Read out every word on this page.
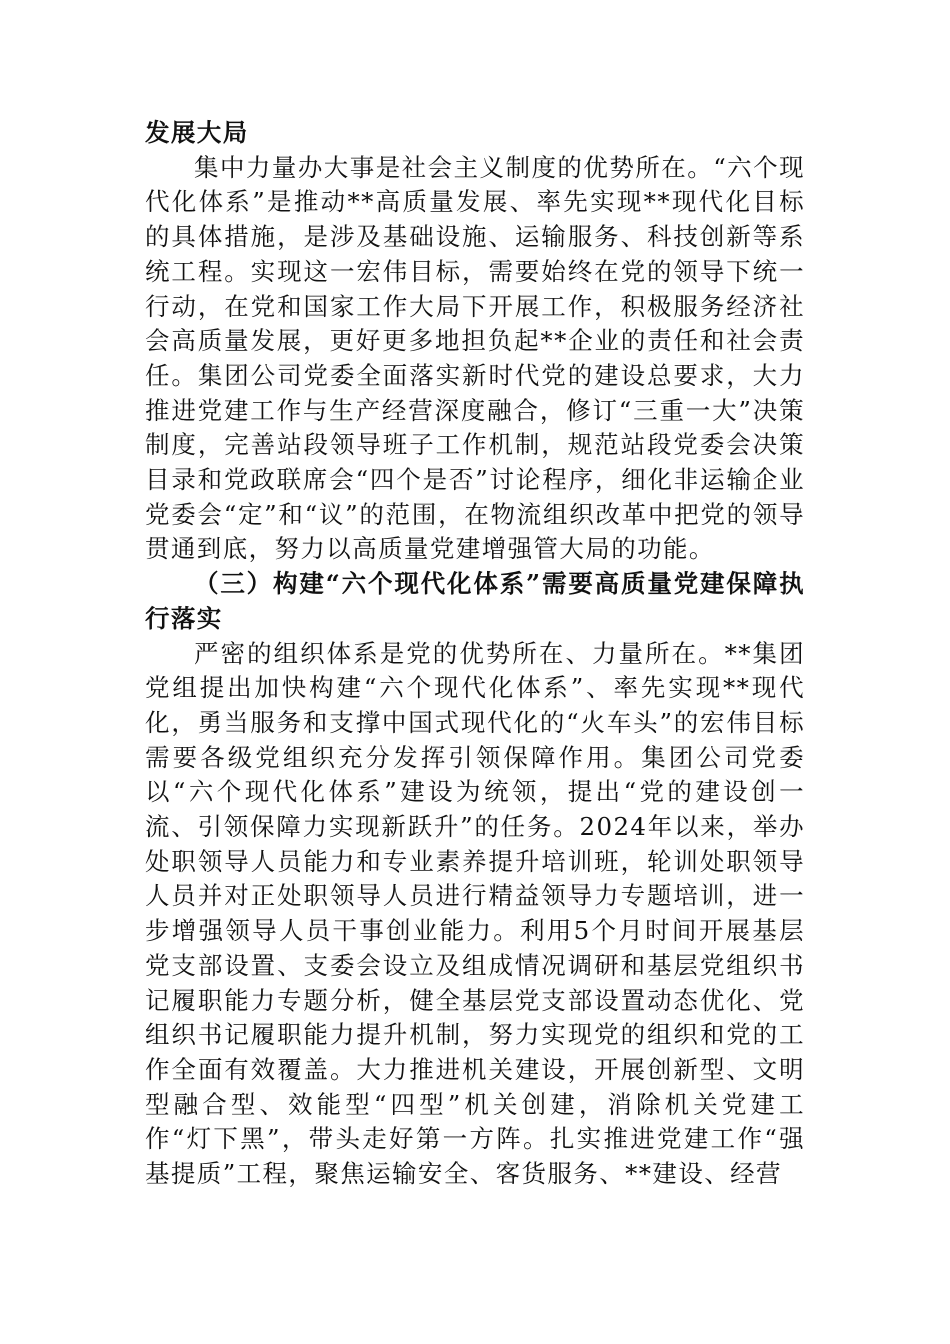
发展大局

集中力量办大事是社会主义制度的优势所在。“六个现代化体系”是推动**高质量发展、率先实现**现代化目标的具体措施，是涉及基础设施、运输服务、科技创新等系统工程。实现这一宏伟目标，需要始终在党的领导下统一行动，在党和国家工作大局下开展工作，积极服务经济社会高质量发展，更好更多地担负起**企业的责任和社会责任。集团公司党委全面落实新时代党的建设总要求，大力推进党建工作与生产经营深度融合，修订“三重一大”决策制度，完善站段领导班子工作机制，规范站段党委会决策目录和党政联席会“四个是否”讨论程序，细化非运输企业党委会“定”和“议”的范围，在物流组织改革中把党的领导贯通到底，努力以高质量党建增强管大局的功能。

（三）构建“六个现代化体系”需要高质量党建保障执行落实

严密的组织体系是党的优势所在、力量所在。**集团党组提出加快构建“六个现代化体系”、率先实现**现代化，勇当服务和支撑中国式现代化的“火车头”的宏伟目标需要各级党组织充分发挥引领保障作用。集团公司党委以“六个现代化体系”建设为统领，提出“党的建设创一流、引领保障力实现新跃升”的任务。2024年以来，举办处职领导人员能力和专业素养提升培训班，轮训处职领导人员并对正处职领导人员进行精益领导力专题培训，进一步增强领导人员干事创业能力。利用5个月时间开展基层党支部设置、支委会设立及组成情况调研和基层党组织书记履职能力专题分析，健全基层党支部设置动态优化、党组织书记履职能力提升机制，努力实现党的组织和党的工作全面有效覆盖。大力推进机关建设，开展创新型、文明型融合型、效能型“四型”机关创建，消除机关党建工作“灯下黑”，带头走好第一方阵。扎实推进党建工作“强基提质”工程，聚焦运输安全、客货服务、**建设、经营
